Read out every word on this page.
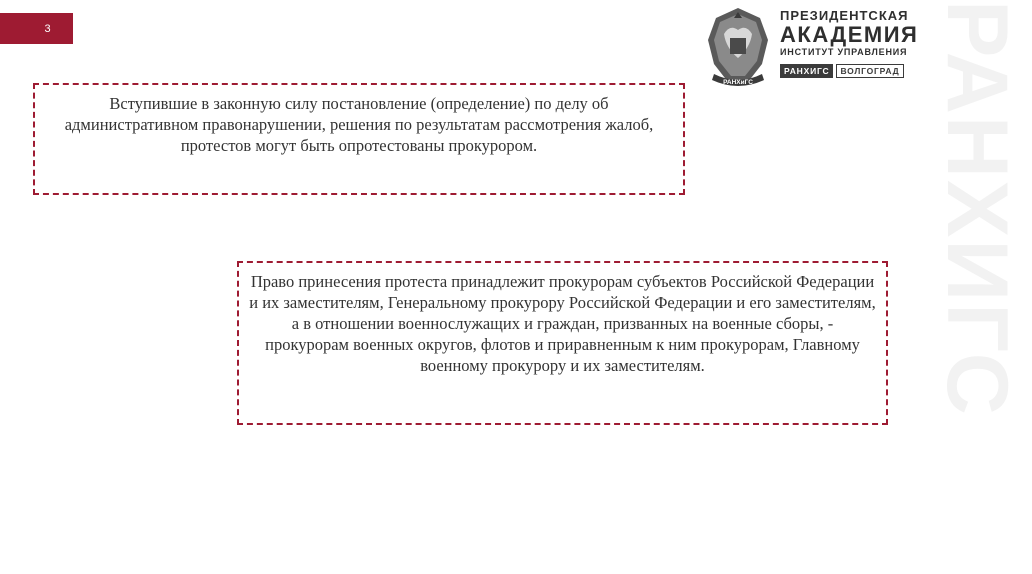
РАНХИГС
3
РАНХиГС
ПРЕЗИДЕНТСКАЯ
АКАДЕМИЯ
ИНСТИТУТ УПРАВЛЕНИЯ
РАНХИГС	ВОЛГОГРАД
Вступившие в законную силу постановление (определение) по делу об административном правонарушении, решения по результатам рассмотрения жалоб, протестов могут быть опротестованы прокурором.
Право принесения протеста принадлежит прокурорам субъектов Российской Федерации и их заместителям, Генеральному прокурору Российской Федерации и его заместителям, а в отношении военнослужащих и граждан, призванных на военные сборы, - прокурорам военных округов, флотов и приравненным к ним прокурорам, Главному военному прокурору и их заместителям.
